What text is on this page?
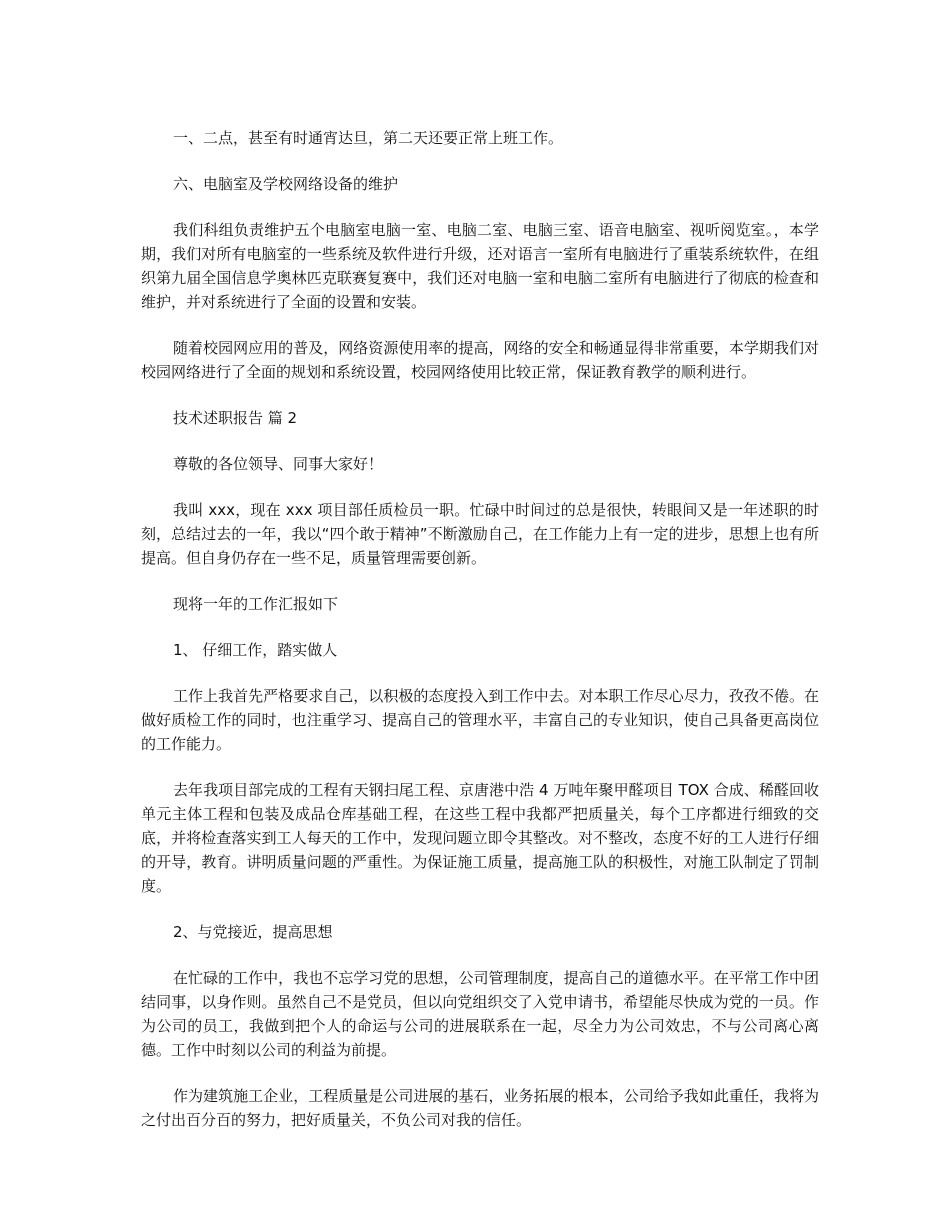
一、二点，甚至有时通宵达旦，第二天还要正常上班工作。

六、电脑室及学校网络设备的维护

我们科组负责维护五个电脑室电脑一室、电脑二室、电脑三室、语音电脑室、视听阅览室。，本学期，我们对所有电脑室的一些系统及软件进行升级，还对语言一室所有电脑进行了重装系统软件，在组织第九届全国信息学奥林匹克联赛复赛中，我们还对电脑一室和电脑二室所有电脑进行了彻底的检查和维护，并对系统进行了全面的设置和安装。

随着校园网应用的普及，网络资源使用率的提高，网络的安全和畅通显得非常重要，本学期我们对校园网络进行了全面的规划和系统设置，校园网络使用比较正常，保证教育教学的顺利进行。

技术述职报告 篇 2

尊敬的各位领导、同事大家好！

我叫 xxx，现在 xxx 项目部任质检员一职。忙碌中时间过的总是很快，转眼间又是一年述职的时刻，总结过去的一年，我以“四个敢于精神”不断激励自己，在工作能力上有一定的进步，思想上也有所提高。但自身仍存在一些不足，质量管理需要创新。

现将一年的工作汇报如下

1、 仔细工作，踏实做人

工作上我首先严格要求自己，以积极的态度投入到工作中去。对本职工作尽心尽力，孜孜不倦。在做好质检工作的同时，也注重学习、提高自己的管理水平，丰富自己的专业知识，使自己具备更高岗位的工作能力。

去年我项目部完成的工程有天钢扫尾工程、京唐港中浩 4 万吨年聚甲醛项目 TOX 合成、稀醛回收单元主体工程和包装及成品仓库基础工程，在这些工程中我都严把质量关，每个工序都进行细致的交底，并将检查落实到工人每天的工作中，发现问题立即令其整改。对不整改，态度不好的工人进行仔细的开导，教育。讲明质量问题的严重性。为保证施工质量，提高施工队的积极性，对施工队制定了罚制度。

2、与党接近，提高思想

在忙碌的工作中，我也不忘学习党的思想，公司管理制度，提高自己的道德水平。在平常工作中团结同事，以身作则。虽然自己不是党员，但以向党组织交了入党申请书，希望能尽快成为党的一员。作为公司的员工，我做到把个人的命运与公司的进展联系在一起，尽全力为公司效忠，不与公司离心离德。工作中时刻以公司的利益为前提。

作为建筑施工企业，工程质量是公司进展的基石，业务拓展的根本，公司给予我如此重任，我将为之付出百分百的努力，把好质量关，不负公司对我的信任。
